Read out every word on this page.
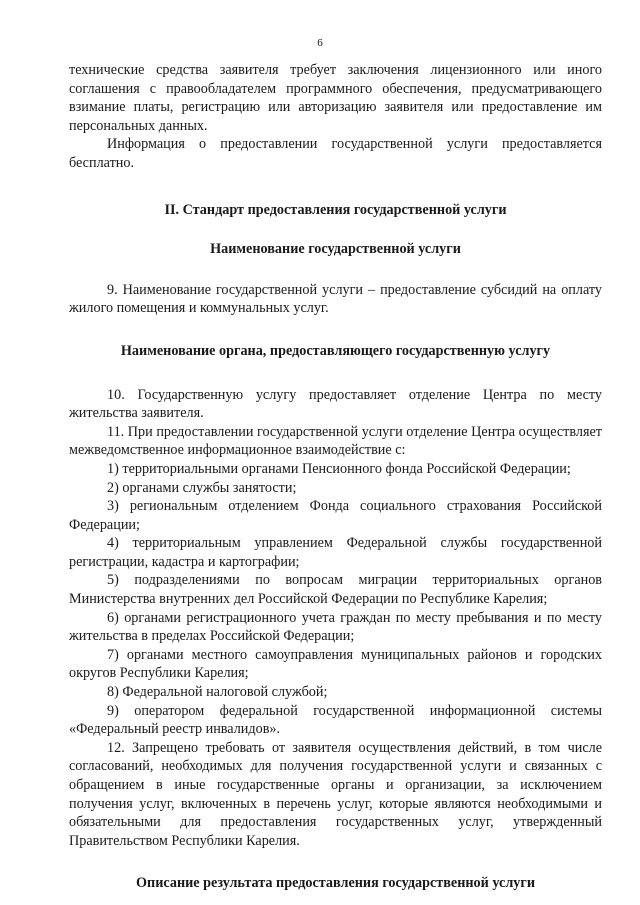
6

технические средства заявителя требует заключения лицензионного или иного соглашения с правообладателем программного обеспечения, предусматривающего взимание платы, регистрацию или авторизацию заявителя или предоставление им персональных данных.

Информация о предоставлении государственной услуги предоставляется бесплатно.

II. Стандарт предоставления государственной услуги
Наименование государственной услуги

9. Наименование государственной услуги – предоставление субсидий на оплату жилого помещения и коммунальных услуг.

Наименование органа, предоставляющего государственную услугу

10. Государственную услугу предоставляет отделение Центра по месту жительства заявителя.

11. При предоставлении государственной услуги отделение Центра осуществляет межведомственное информационное взаимодействие с:

1) территориальными органами Пенсионного фонда Российской Федерации;

2) органами службы занятости;

3) региональным отделением Фонда социального страхования Российской Федерации;

4) территориальным управлением Федеральной службы государственной регистрации, кадастра и картографии;

5) подразделениями по вопросам миграции территориальных органов Министерства внутренних дел Российской Федерации по Республике Карелия;

6) органами регистрационного учета граждан по месту пребывания и по месту жительства в пределах Российской Федерации;

7) органами местного самоуправления муниципальных районов и городских округов Республики Карелия;

8) Федеральной налоговой службой;

9) оператором федеральной государственной информационной системы «Федеральный реестр инвалидов».

12. Запрещено требовать от заявителя осуществления действий, в том числе согласований, необходимых для получения государственной услуги и связанных с обращением в иные государственные органы и организации, за исключением получения услуг, включенных в перечень услуг, которые являются необходимыми и обязательными для предоставления государственных услуг, утвержденный Правительством Республики Карелия.

Описание результата предоставления государственной услуги
